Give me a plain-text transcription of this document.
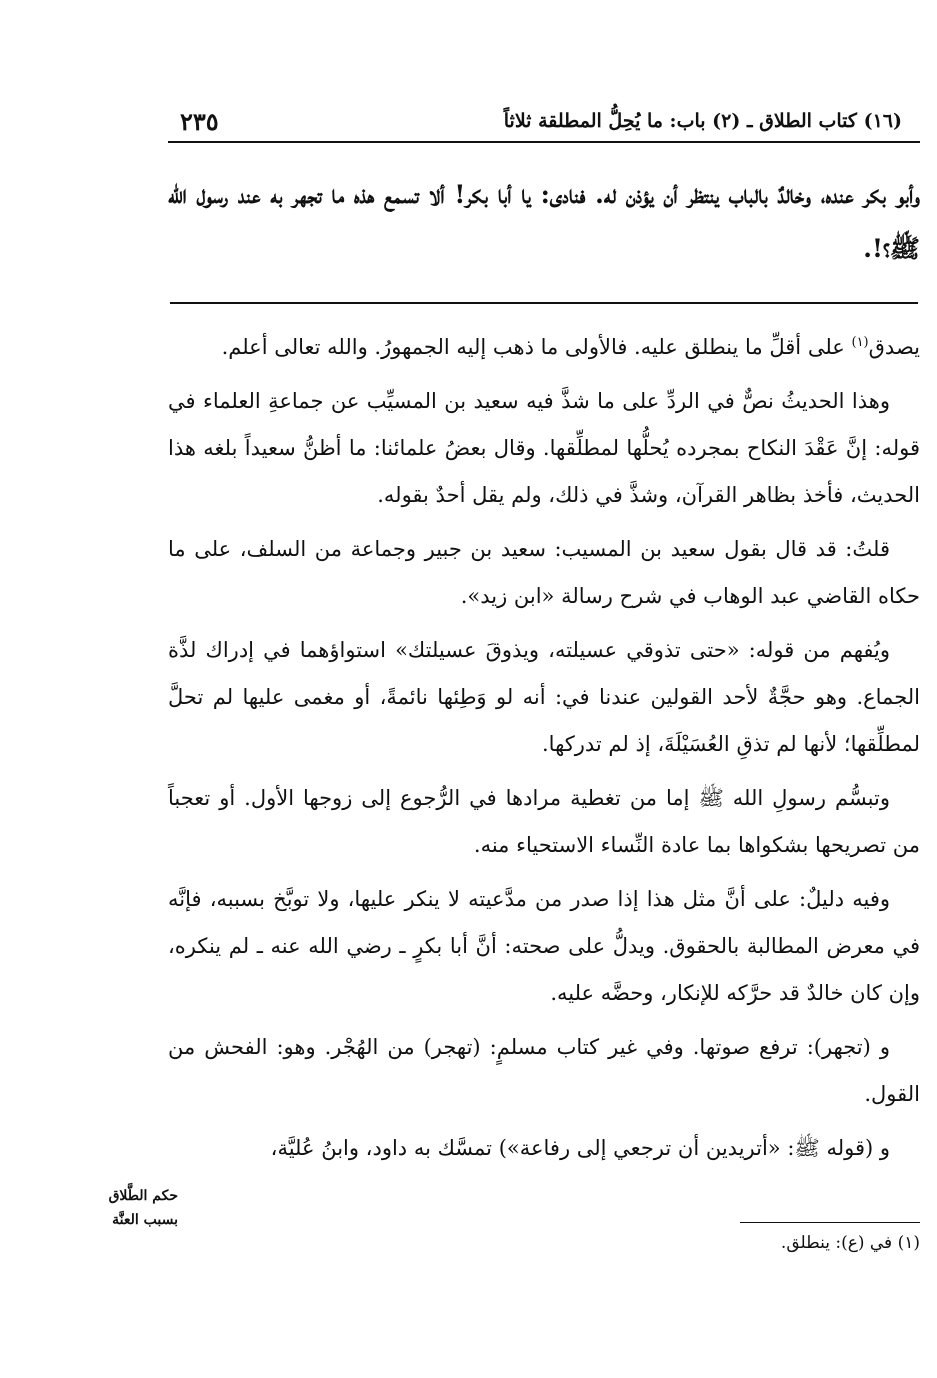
(١٦) كتاب الطلاق ـ (٢) باب: ما يُحِلُّ المطلقة ثلاثاً
٢٣٥

وأبو بكر عنده، وخالدٌ بالباب ينتظر أن يؤذن له. فنادى: يا أبا بكر! ألا تسمع هذه ما تجهر به عند رسول الله ﷺ؟!.

يصدق$^{(١)}$ على أقلِّ ما ينطلق عليه. فالأولى ما ذهب إليه الجمهورُ. والله تعالى أعلم.

وهذا الحديثُ نصٌّ في الردِّ على ما شذَّ فيه سعيد بن المسيِّب عن جماعةِ العلماء في قوله: إنَّ عَقْدَ النكاح بمجرده يُحلُّها لمطلِّقها. وقال بعضُ علمائنا: ما أظنُّ سعيداً بلغه هذا الحديث، فأخذ بظاهر القرآن، وشذَّ في ذلك، ولم يقل أحدٌ بقوله.

قلتُ: قد قال بقول سعيد بن المسيب: سعيد بن جبير وجماعة من السلف، على ما حكاه القاضي عبد الوهاب في شرح رسالة «ابن زيد».

ويُفهم من قوله: «حتى تذوقي عسيلته، ويذوقَ عسيلتك» استواؤهما في إدراك لذَّة الجماع. وهو حجَّةٌ لأحد القولين عندنا في: أنه لو وَطِئها نائمةً، أو مغمى عليها لم تحلَّ لمطلِّقها؛ لأنها لم تذقِ العُسَيْلَةَ، إذ لم تدركها.

وتبسُّم رسولِ الله ﷺ إما من تغطية مرادها في الرُّجوع إلى زوجها الأول. أو تعجباً من تصريحها بشكواها بما عادة النِّساء الاستحياء منه.

وفيه دليلٌ: على أنَّ مثل هذا إذا صدر من مدَّعيته لا ينكر عليها، ولا توبَّخ بسببه، فإنَّه في معرض المطالبة بالحقوق. ويدلُّ على صحته: أنَّ أبا بكرٍ ـ رضي الله عنه ـ لم ينكره، وإن كان خالدٌ قد حرَّكه للإنكار، وحضَّه عليه.

و (تجهر): ترفع صوتها. وفي غير كتاب مسلمٍ: (تهجر) من الهُجْر. وهو: الفحش من القول.

و (قوله ﷺ: «أتريدين أن ترجعي إلى رفاعة») تمسَّك به داود، وابنُ عُليَّة،

حكم الطَّلاق بسبب العنَّة
(١) في (ع): ينطلق.
